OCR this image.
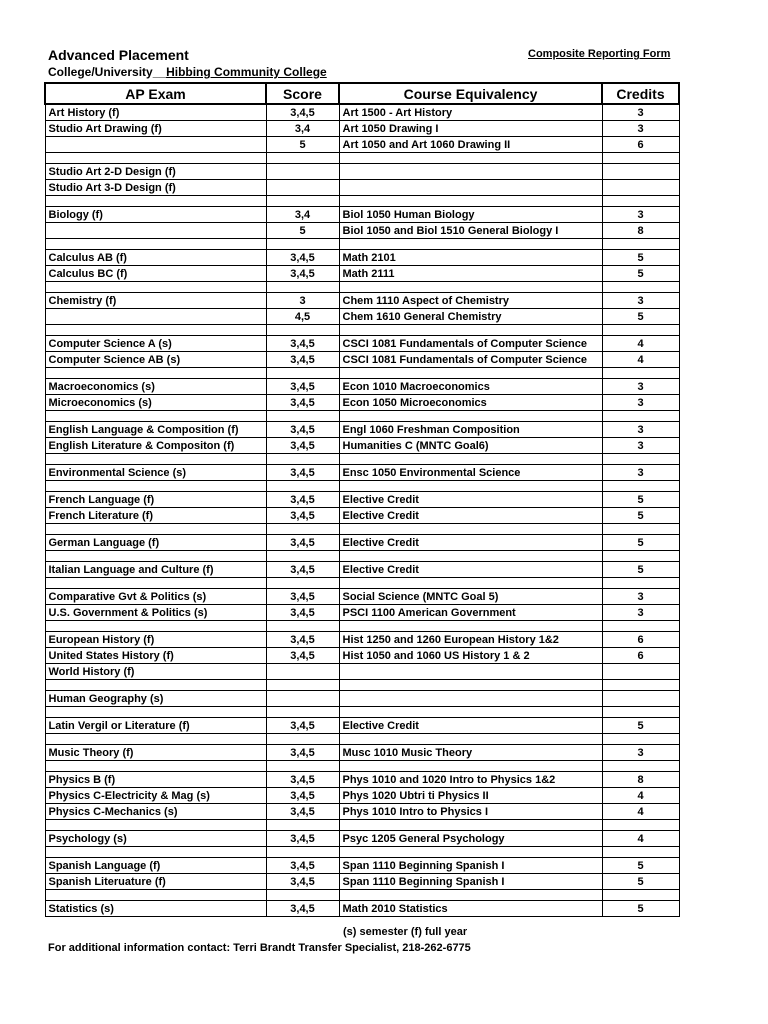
Advanced Placement	Composite Reporting Form
College/University__Hibbing Community College
AP Exam	Score	Course Equivalency	Credits
Art History (f)	3,4,5	Art 1500 - Art History	3
Studio Art Drawing (f)	3,4	Art 1050 Drawing I	3
	5	Art 1050 and Art 1060 Drawing II	6

Studio Art 2-D Design (f)			
Studio Art 3-D Design (f)			

Biology (f)	3,4	Biol 1050 Human Biology	3
	5	Biol 1050 and Biol 1510 General Biology I	8

Calculus AB (f)	3,4,5	Math 2101	5
Calculus BC (f)	3,4,5	Math 2111	5

Chemistry (f)	3	Chem 1110 Aspect of Chemistry	3
	4,5	Chem 1610 General Chemistry	5

Computer Science A (s)	3,4,5	CSCI 1081 Fundamentals of Computer Science	4
Computer Science AB (s)	3,4,5	CSCI 1081 Fundamentals of Computer Science	4

Macroeconomics (s)	3,4,5	Econ 1010 Macroeconomics	3
Microeconomics (s)	3,4,5	Econ 1050 Microeconomics	3

English Language & Composition (f)	3,4,5	Engl 1060 Freshman Composition	3
English Literature & Compositon (f)	3,4,5	Humanities C (MNTC Goal6)	3

Environmental Science (s)	3,4,5	Ensc 1050 Environmental Science	3

French Language (f)	3,4,5	Elective Credit	5
French Literature (f)	3,4,5	Elective Credit	5

German Language (f)	3,4,5	Elective Credit	5

Italian Language and Culture (f)	3,4,5	Elective Credit	5

Comparative Gvt & Politics (s)	3,4,5	Social Science (MNTC Goal 5)	3
U.S. Government & Politics (s)	3,4,5	PSCI 1100 American Government	3

European History (f)	3,4,5	Hist 1250 and 1260 European History 1&2	6
United States History (f)	3,4,5	Hist 1050 and 1060 US History 1 & 2	6
World History (f)			

Human Geography (s)			

Latin Vergil or Literature (f)	3,4,5	Elective Credit	5

Music Theory (f)	3,4,5	Musc 1010 Music Theory	3

Physics B (f)	3,4,5	Phys 1010 and 1020 Intro to Physics 1&2	8
Physics C-Electricity & Mag (s)	3,4,5	Phys 1020 Ubtri ti Physics II	4
Physics C-Mechanics (s)	3,4,5	Phys 1010 Intro to Physics I	4

Psychology (s)	3,4,5	Psyc 1205 General Psychology	4

Spanish Language (f)	3,4,5	Span 1110 Beginning Spanish I	5
Spanish Literuature (f)	3,4,5	Span 1110 Beginning Spanish I	5

Statistics (s)	3,4,5	Math 2010 Statistics	5
(s) semester (f) full year
For additional information contact: Terri Brandt Transfer Specialist, 218-262-6775
